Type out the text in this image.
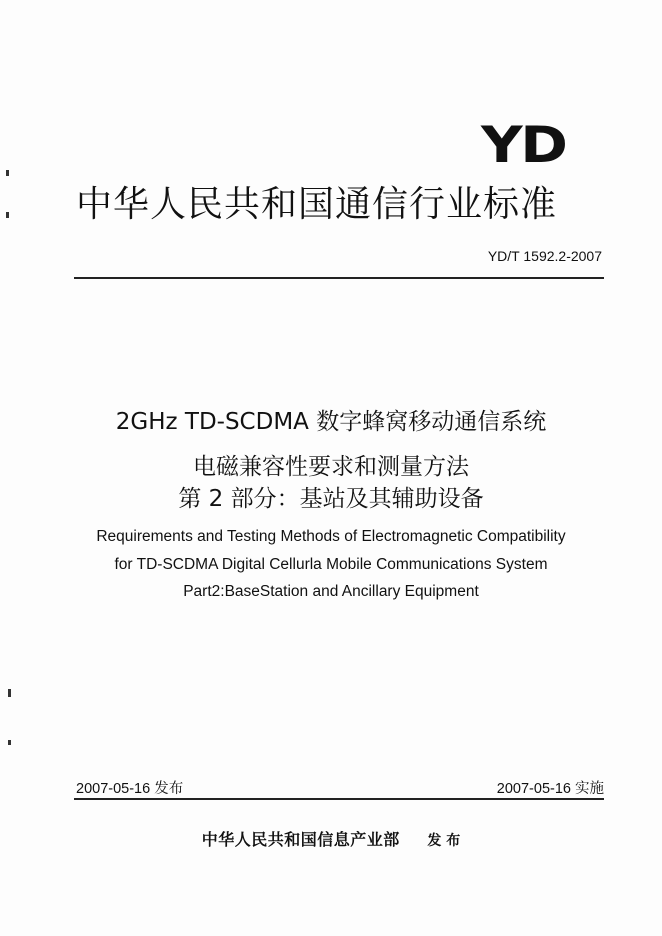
YD
中华人民共和国通信行业标准
YD/T 1592.2-2007
2GHz TD-SCDMA 数字蜂窝移动通信系统
电磁兼容性要求和测量方法
第 2 部分：基站及其辅助设备
Requirements and Testing Methods of Electromagnetic Compatibility
for TD-SCDMA Digital Cellurla Mobile Communications System
Part2:BaseStation and Ancillary Equipment
2007-05-16 发布	2007-05-16 实施
中华人民共和国信息产业部 发 布
